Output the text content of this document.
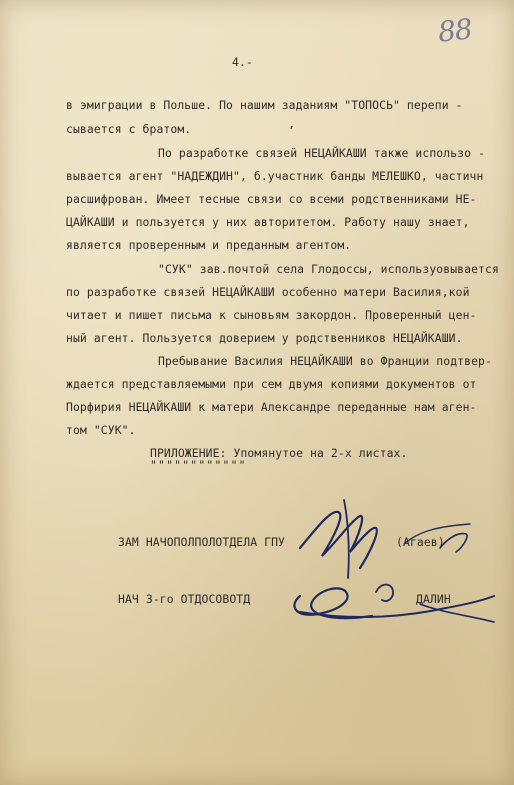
88
4.-
в эмиграции в Польше. По нашим заданиям "ТОПОСЬ" перепи -
сывается с братом.	ʼ
По разработке связей НЕЦАЙКАШИ также использо -
вывается агент "НАДЕЖДИН", б.участник банды МЕЛЕШКО, частичн
расшифрован. Имеет тесные связи со всеми родственниками НЕ-
ЦАЙКАШИ и пользуется у них авторитетом. Работу нашу знает,
является проверенным и преданным агентом.
"СУК" зав.почтой села Глодоссы, используовывается
по разработке связей НЕЦАЙКАШИ особенно матери Василия,кой
читает и пишет письма к сыновьям закордон. Проверенный цен-
ный агент. Пользуется доверием у родственников НЕЦАЙКАШИ.
Пребывание Василия НЕЦАЙКАШИ во Франции подтвер-
ждается представляемыми при сем двумя копиями документов от
Порфирия НЕЦАЙКАШИ к матери Александре переданные нам аген-
том "СУК".
ПРИЛОЖЕНИЕ: Упомянутое на 2-х листах.
""""""""""""
ЗАМ НАЧОПОЛПОЛОТДЕЛА ГПУ	(Агаев)
НАЧ 3-го ОТДОСОВОТД	ДАЛИН
